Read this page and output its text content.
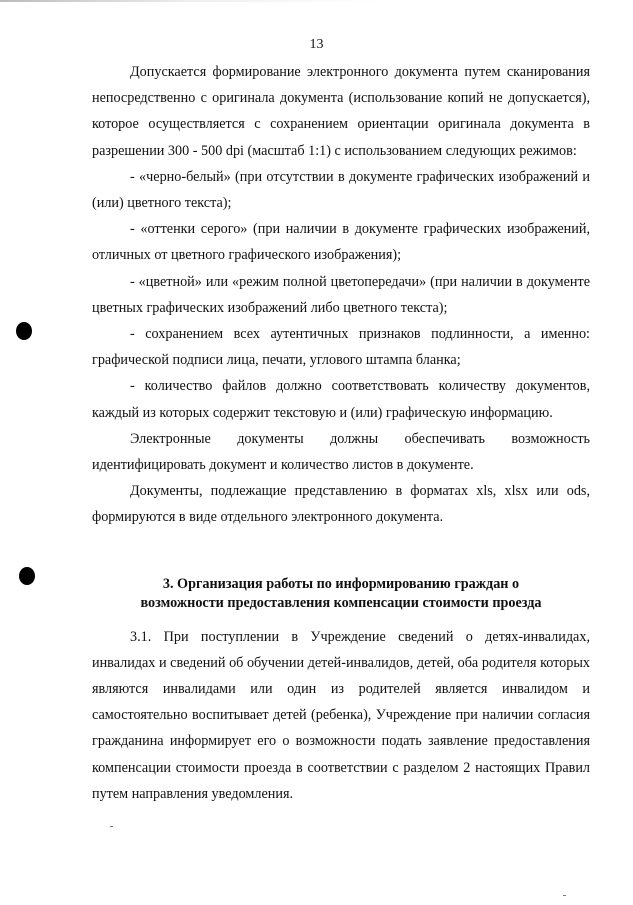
13

Допускается формирование электронного документа путем сканирования непосредственно с оригинала документа (использование копий не допускается), которое осуществляется с сохранением ориентации оригинала документа в разрешении 300 - 500 dpi (масштаб 1:1) с использованием следующих режимов:

- «черно-белый» (при отсутствии в документе графических изображений и (или) цветного текста);

- «оттенки серого» (при наличии в документе графических изображений, отличных от цветного графического изображения);

- «цветной» или «режим полной цветопередачи» (при наличии в документе цветных графических изображений либо цветного текста);

- сохранением всех аутентичных признаков подлинности, а именно: графической подписи лица, печати, углового штампа бланка;

- количество файлов должно соответствовать количеству документов, каждый из которых содержит текстовую и (или) графическую информацию.

Электронные документы должны обеспечивать возможность идентифицировать документ и количество листов в документе.

Документы, подлежащие представлению в форматах xls, xlsx или ods, формируются в виде отдельного электронного документа.

3. Организация работы по информированию граждан о
возможности предоставления компенсации стоимости проезда

3.1. При поступлении в Учреждение сведений о детях-инвалидах, инвалидах и сведений об обучении детей-инвалидов, детей, оба родителя которых являются инвалидами или один из родителей является инвалидом и самостоятельно воспитывает детей (ребенка), Учреждение при наличии согласия гражданина информирует его о возможности подать заявление предоставления компенсации стоимости проезда в соответствии с разделом 2 настоящих Правил путем направления уведомления.
